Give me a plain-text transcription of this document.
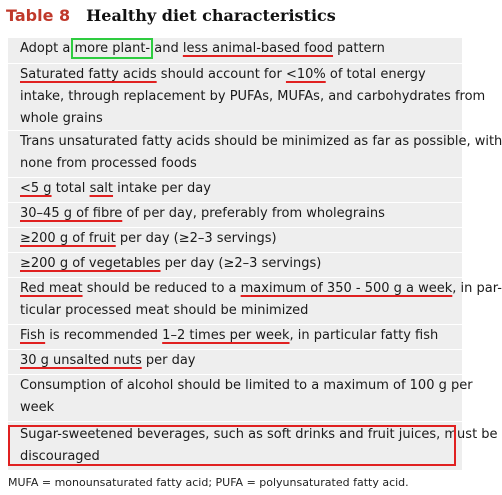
Table 8 Healthy diet characteristics
Adopt a more plant- and less animal-based food pattern
Saturated fatty acids should account for <10% of total energy
intake, through replacement by PUFAs, MUFAs, and carbohydrates from
whole grains
Trans unsaturated fatty acids should be minimized as far as possible, with
none from processed foods
<5 g total salt intake per day
30–45 g of fibre of per day, preferably from wholegrains
≥200 g of fruit per day (≥2–3 servings)
≥200 g of vegetables per day (≥2–3 servings)
Red meat should be reduced to a maximum of 350 - 500 g a week, in par-
ticular processed meat should be minimized
Fish is recommended 1–2 times per week, in particular fatty fish
30 g unsalted nuts per day
Consumption of alcohol should be limited to a maximum of 100 g per
week
Sugar-sweetened beverages, such as soft drinks and fruit juices, must be
discouraged
MUFA = monounsaturated fatty acid; PUFA = polyunsaturated fatty acid.
